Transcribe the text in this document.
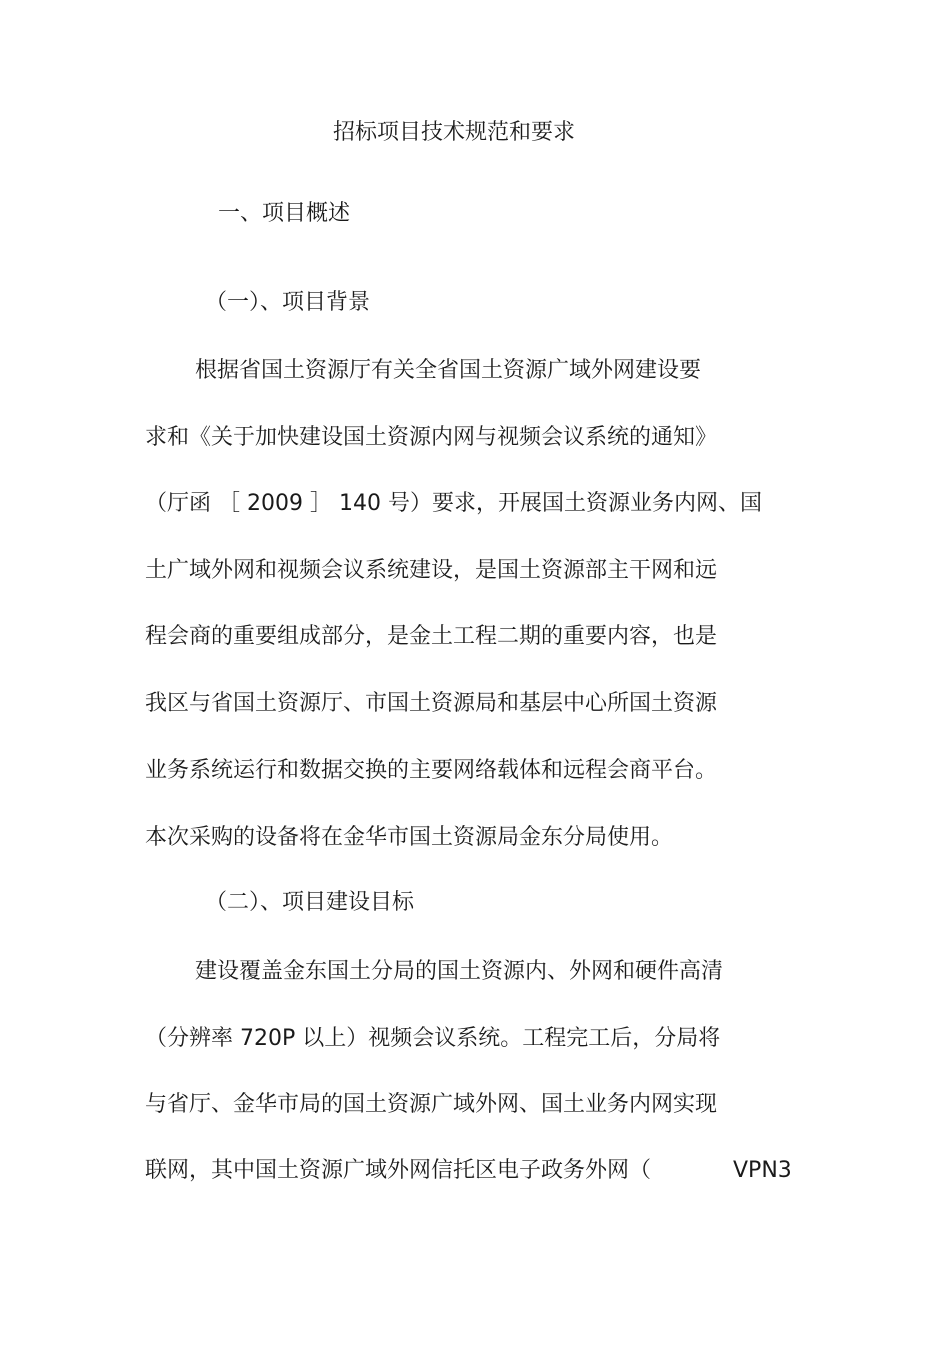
招标项目技术规范和要求
一、项目概述
（一）、项目背景
根据省国土资源厅有关全省国土资源广域外网建设要
求和《关于加快建设国土资源内网与视频会议系统的通知》
（厅函 ［ 2009 ］ 140 号）要求，开展国土资源业务内网、国
土广域外网和视频会议系统建设，是国土资源部主干网和远
程会商的重要组成部分，是金土工程二期的重要内容，也是
我区与省国土资源厅、市国土资源局和基层中心所国土资源
业务系统运行和数据交换的主要网络载体和远程会商平台。
本次采购的设备将在金华市国土资源局金东分局使用。
（二）、项目建设目标
建设覆盖金东国土分局的国土资源内、外网和硬件高清
（分辨率 720P 以上）视频会议系统。工程完工后，分局将
与省厅、金华市局的国土资源广域外网、国土业务内网实现
联网，其中国土资源广域外网信托区电子政务外网（	VPN3
